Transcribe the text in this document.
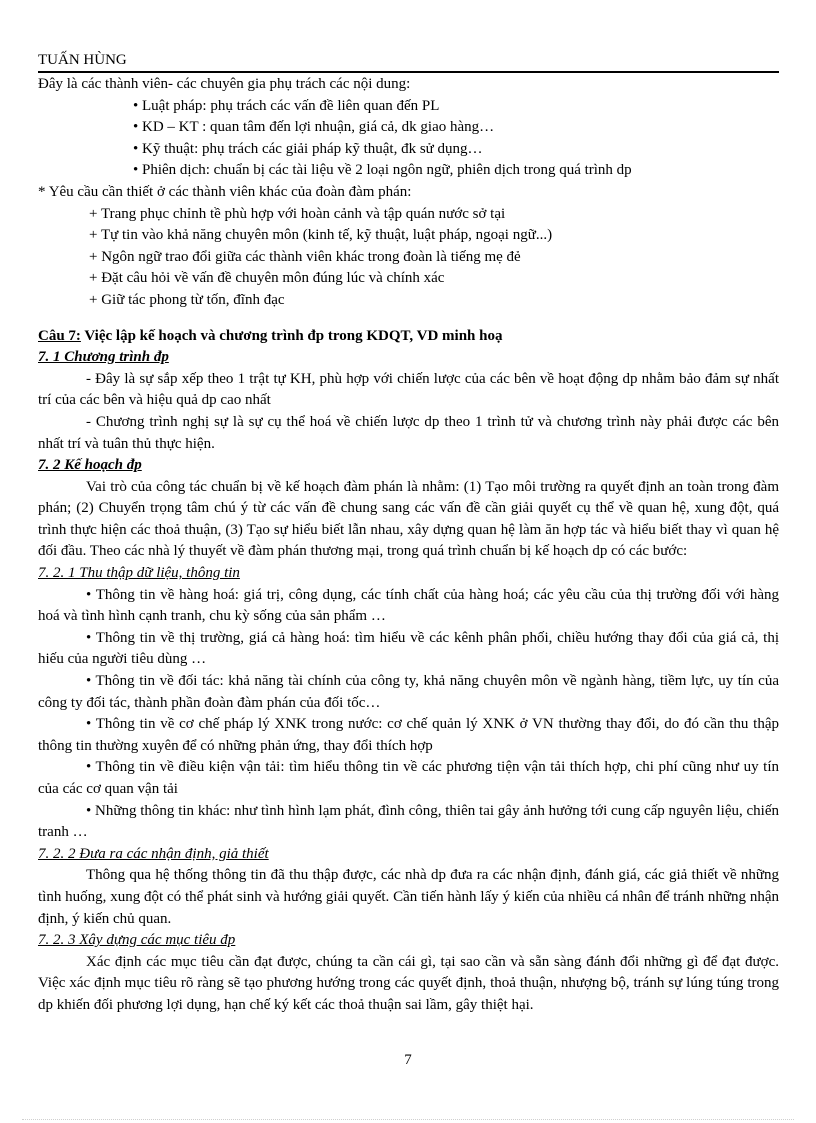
TUẤN HÙNG

Đây là các thành viên- các chuyên gia phụ trách các nội dung:

• Luật pháp: phụ trách các vấn đề liên quan đến PL

• KD – KT : quan tâm đến lợi nhuận, giá cả, dk giao hàng…

• Kỹ thuật: phụ trách các giải pháp kỹ thuật, đk sử dụng…

• Phiên dịch: chuẩn bị các tài liệu về 2 loại ngôn ngữ, phiên dịch trong quá trình dp

* Yêu cầu cần thiết ở các thành viên khác của đoàn đàm phán:

+ Trang phục chỉnh tề phù hợp với hoàn cảnh và tập quán nước sở tại

+ Tự tin vào khả năng chuyên môn (kinh tế, kỹ thuật, luật pháp, ngoại ngữ...)

+ Ngôn ngữ trao đổi giữa các thành viên khác trong đoàn là tiếng mẹ đẻ

+ Đặt câu hỏi về vấn đề chuyên môn đúng lúc và chính xác

+ Giữ tác phong từ tốn, đĩnh đạc

Câu 7: Việc lập kế hoạch và chương trình đp trong KDQT, VD minh hoạ

7. 1 Chương trình đp

- Đây là sự sắp xếp theo 1 trật tự KH, phù hợp với chiến lược của các bên về hoạt động dp nhằm bảo đảm sự nhất trí của các bên và hiệu quả dp cao nhất

- Chương trình nghị sự là sự cụ thể hoá về chiến lược dp theo 1 trình tử và chương trình này phải được các bên nhất trí và tuân thủ thực hiện.

7. 2 Kế hoạch đp

Vai trò của công tác chuẩn bị về kế hoạch đàm phán là nhằm: (1) Tạo môi trường ra quyết định an toàn trong đàm phán; (2) Chuyển trọng tâm chú ý từ các vấn đề chung sang các vấn đề cần giải quyết cụ thể về quan hệ, xung đột, quá trình thực hiện các thoả thuận, (3) Tạo sự hiểu biết lẫn nhau, xây dựng quan hệ làm ăn hợp tác và hiểu biết thay vì quan hệ đối đầu. Theo các nhà lý thuyết về đàm phán thương mại, trong quá trình chuẩn bị kế hoạch dp có các bước:

7. 2. 1 Thu thập dữ liệu, thông tin

• Thông tin về hàng hoá: giá trị, công dụng, các tính chất của hàng hoá; các yêu cầu của thị trường đối với hàng hoá và tình hình cạnh tranh, chu kỳ sống của sản phẩm …

• Thông tin về thị trường, giá cả hàng hoá: tìm hiểu về các kênh phân phối, chiều hướng thay đổi của giá cả, thị hiếu của người tiêu dùng …

• Thông tin về đối tác: khả năng tài chính của công ty, khả năng chuyên môn về ngành hàng, tiềm lực, uy tín của công ty đối tác, thành phần đoàn đàm phán của đối tốc…

• Thông tin về cơ chế pháp lý XNK trong nước: cơ chế quản lý XNK ở VN thường thay đổi, do đó cần thu thập thông tin thường xuyên để có những phản ứng, thay đổi thích hợp

• Thông tin về điều kiện vận tải: tìm hiểu thông tin về các phương tiện vận tải thích hợp, chi phí cũng như uy tín của các cơ quan vận tải

• Những thông tin khác: như tình hình lạm phát, đình công, thiên tai gây ảnh hưởng tới cung cấp nguyên liệu, chiến tranh …

7. 2. 2 Đưa ra các nhận định, giả thiết

Thông qua hệ thống thông tin đã thu thập được, các nhà dp đưa ra các nhận định, đánh giá, các giả thiết về những tình huống, xung đột có thể phát sinh và hướng giải quyết. Cần tiến hành lấy ý kiến của nhiều cá nhân để tránh những nhận định, ý kiến chủ quan.

7. 2. 3 Xây dựng các mục tiêu đp

Xác định các mục tiêu cần đạt được, chúng ta cần cái gì, tại sao cần và sẵn sàng đánh đổi những gì để đạt được. Việc xác định mục tiêu rõ ràng sẽ tạo phương hướng trong các quyết định, thoả thuận, nhượng bộ, tránh sự lúng túng trong dp khiến đối phương lợi dụng, hạn chế ký kết các thoả thuận sai lầm, gây thiệt hại.

7
